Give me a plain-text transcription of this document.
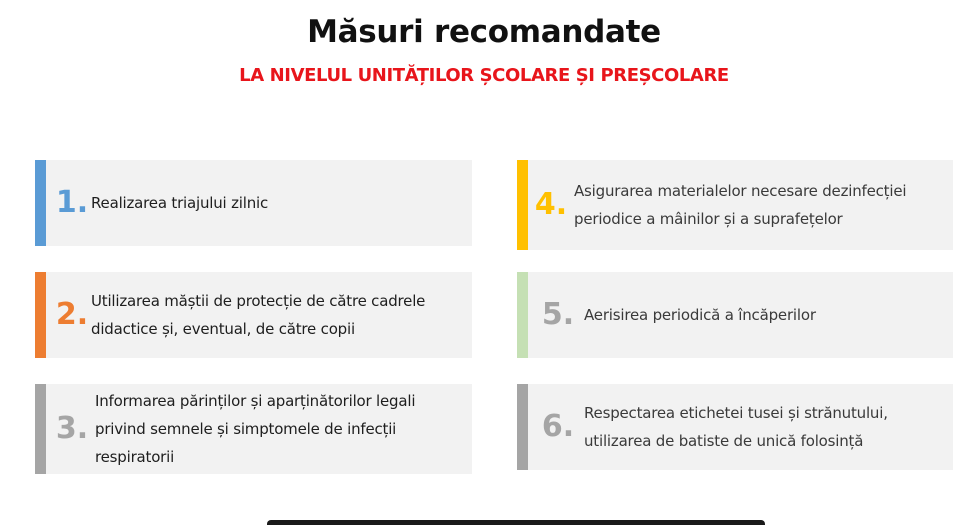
Măsuri recomandate
LA NIVELUL UNITĂȚILOR ȘCOLARE ȘI PREȘCOLARE
1. Realizarea triajului zilnic
2. Utilizarea măștii de protecție de către cadrele didactice și, eventual, de către copii
3.
Informarea părinților și aparținătorilor legali privind semnele și simptomele de infecții respiratorii
4. Asigurarea materialelor necesare dezinfecției periodice a mâinilor și a suprafețelor
5. Aerisirea periodică a încăperilor
6. Respectarea etichetei tusei și strănutului, utilizarea de batiste de unică folosință
